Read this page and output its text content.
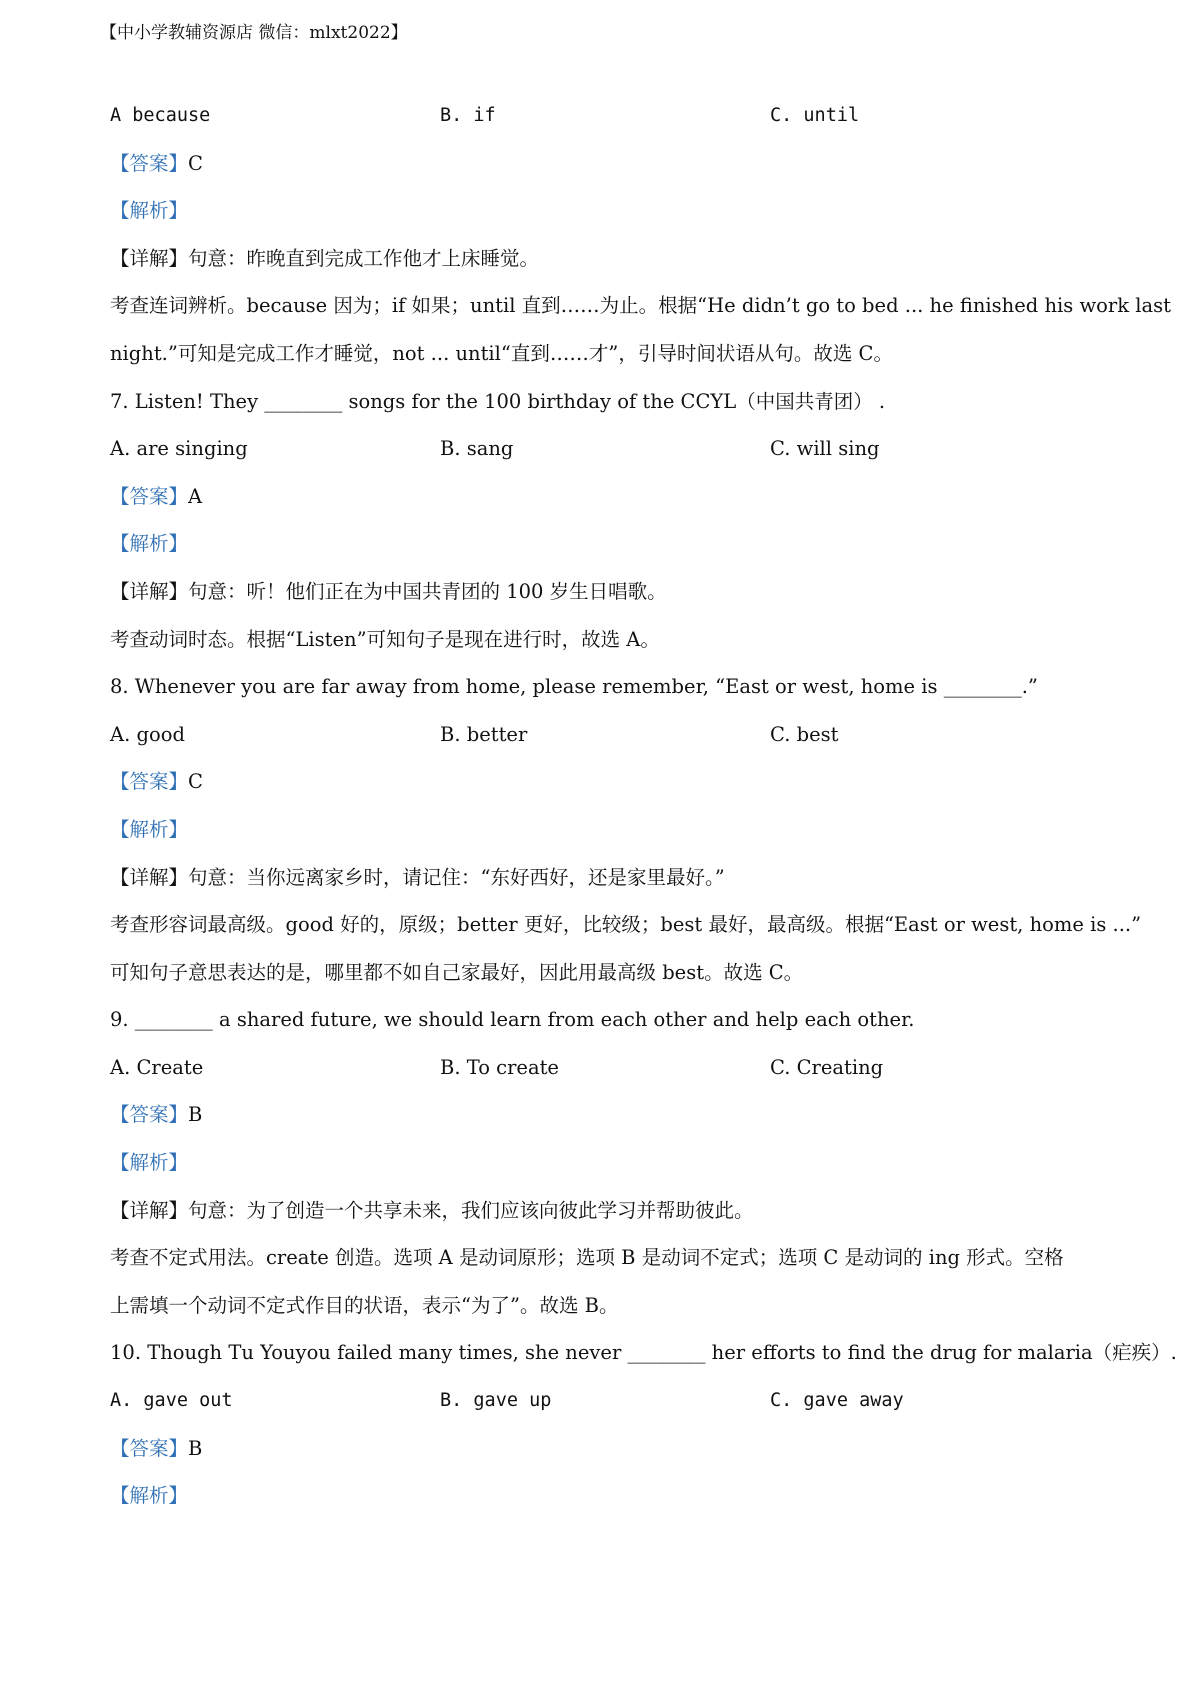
【中小学教辅资源店 微信：mlxt2022】
A because	B. if	C. until
【答案】C
【解析】
【详解】句意：昨晚直到完成工作他才上床睡觉。
考查连词辨析。because 因为；if 如果；until 直到……为止。根据“He didn’t go to bed ... he finished his work last
night.”可知是完成工作才睡觉，not ... until“直到……才”，引导时间状语从句。故选 C。
7. Listen! They ________ songs for the 100 birthday of the CCYL（中国共青团） .
A. are singing	B. sang	C. will sing
【答案】A
【解析】
【详解】句意：听！他们正在为中国共青团的 100 岁生日唱歌。
考查动词时态。根据“Listen”可知句子是现在进行时，故选 A。
8. Whenever you are far away from home, please remember, “East or west, home is ________.”
A. good	B. better	C. best
【答案】C
【解析】
【详解】句意：当你远离家乡时，请记住：“东好西好，还是家里最好。”
考查形容词最高级。good 好的，原级；better 更好，比较级；best 最好，最高级。根据“East or west, home is ...”
可知句子意思表达的是，哪里都不如自己家最好，因此用最高级 best。故选 C。
9. ________ a shared future, we should learn from each other and help each other.
A. Create	B. To create	C. Creating
【答案】B
【解析】
【详解】句意：为了创造一个共享未来，我们应该向彼此学习并帮助彼此。
考查不定式用法。create 创造。选项 A 是动词原形；选项 B 是动词不定式；选项 C 是动词的 ing 形式。空格
上需填一个动词不定式作目的状语，表示“为了”。故选 B。
10. Though Tu Youyou failed many times, she never ________ her efforts to find the drug for malaria（疟疾）.
A. gave out	B. gave up	C. gave away
【答案】B
【解析】
